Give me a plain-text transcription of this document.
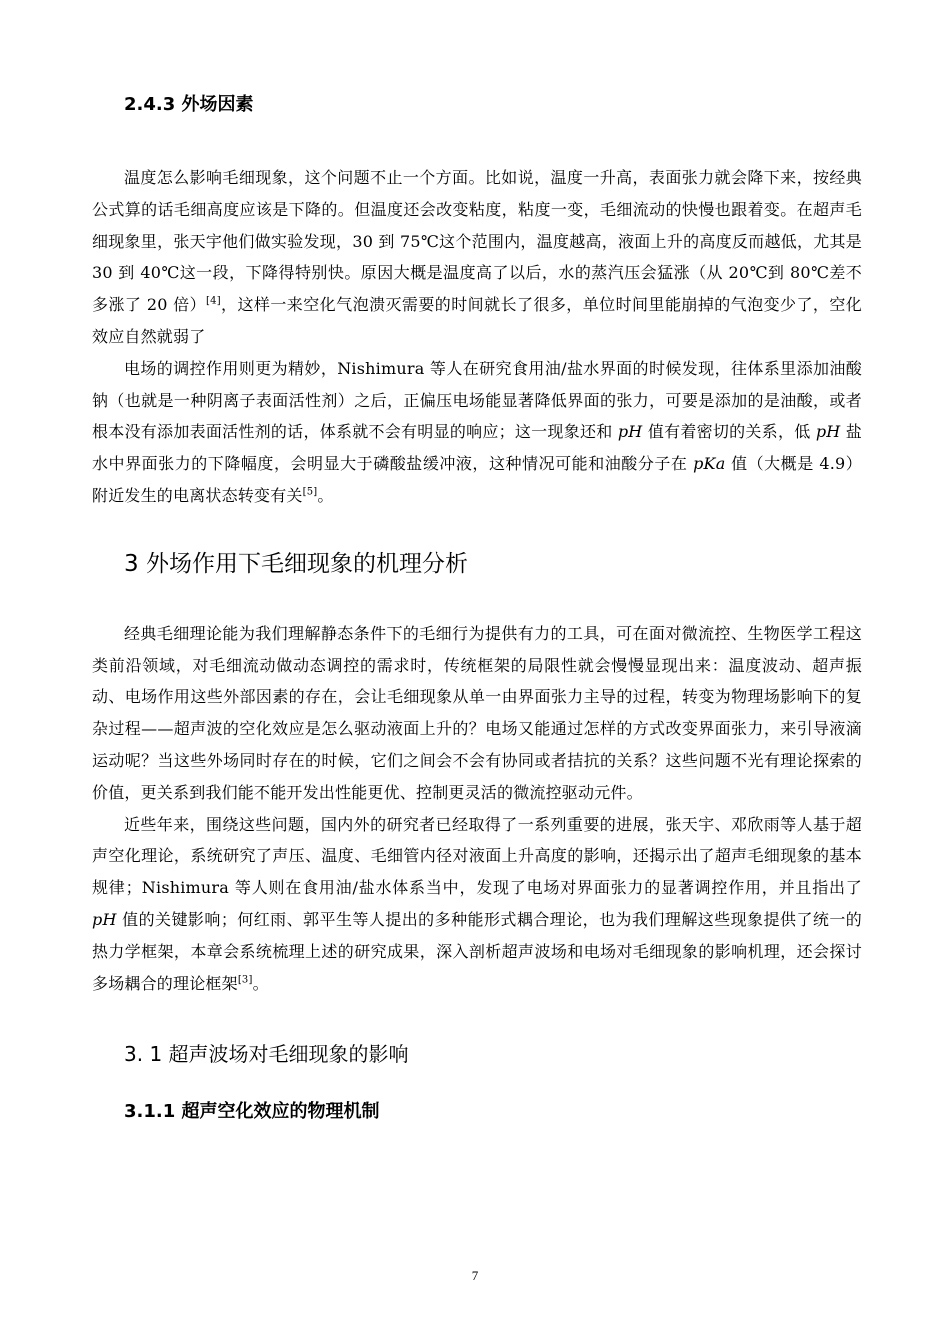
2.4.3 外场因素

温度怎么影响毛细现象，这个问题不止一个方面。比如说，温度一升高，表面张力就会降下来，按经典公式算的话毛细高度应该是下降的。但温度还会改变粘度，粘度一变，毛细流动的快慢也跟着变。在超声毛细现象里，张天宇他们做实验发现，30 到 75℃这个范围内，温度越高，液面上升的高度反而越低，尤其是 30 到 40℃这一段，下降得特别快。原因大概是温度高了以后，水的蒸汽压会猛涨（从 20℃到 80℃差不多涨了 20 倍）[4]，这样一来空化气泡溃灭需要的时间就长了很多，单位时间里能崩掉的气泡变少了，空化效应自然就弱了

电场的调控作用则更为精妙，Nishimura 等人在研究食用油/盐水界面的时候发现，往体系里添加油酸钠（也就是一种阴离子表面活性剂）之后，正偏压电场能显著降低界面的张力，可要是添加的是油酸，或者根本没有添加表面活性剂的话，体系就不会有明显的响应；这一现象还和 pH 值有着密切的关系，低 pH 盐水中界面张力的下降幅度，会明显大于磷酸盐缓冲液，这种情况可能和油酸分子在 pKa 值（大概是 4.9）附近发生的电离状态转变有关[5]。

3 外场作用下毛细现象的机理分析

经典毛细理论能为我们理解静态条件下的毛细行为提供有力的工具，可在面对微流控、生物医学工程这类前沿领域，对毛细流动做动态调控的需求时，传统框架的局限性就会慢慢显现出来：温度波动、超声振动、电场作用这些外部因素的存在，会让毛细现象从单一由界面张力主导的过程，转变为物理场影响下的复杂过程——超声波的空化效应是怎么驱动液面上升的？电场又能通过怎样的方式改变界面张力，来引导液滴运动呢？当这些外场同时存在的时候，它们之间会不会有协同或者拮抗的关系？这些问题不光有理论探索的价值，更关系到我们能不能开发出性能更优、控制更灵活的微流控驱动元件。

近些年来，围绕这些问题，国内外的研究者已经取得了一系列重要的进展，张天宇、邓欣雨等人基于超声空化理论，系统研究了声压、温度、毛细管内径对液面上升高度的影响，还揭示出了超声毛细现象的基本规律；Nishimura 等人则在食用油/盐水体系当中，发现了电场对界面张力的显著调控作用，并且指出了 pH 值的关键影响；何红雨、郭平生等人提出的多种能形式耦合理论，也为我们理解这些现象提供了统一的热力学框架，本章会系统梳理上述的研究成果，深入剖析超声波场和电场对毛细现象的影响机理，还会探讨多场耦合的理论框架[3]。

3. 1 超声波场对毛细现象的影响
3.1.1 超声空化效应的物理机制
7
